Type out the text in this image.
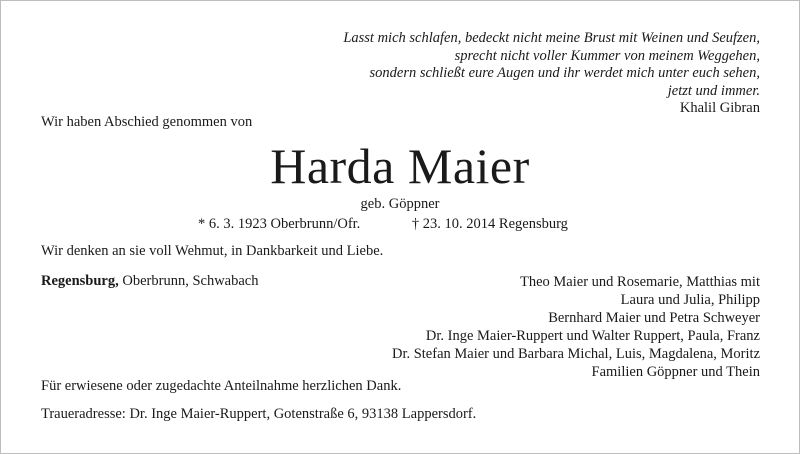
Lasst mich schlafen, bedeckt nicht meine Brust mit Weinen und Seufzen,
sprecht nicht voller Kummer von meinem Weggehen,
sondern schließt eure Augen und ihr werdet mich unter euch sehen,
jetzt und immer.
Khalil Gibran
Wir haben Abschied genommen von
Harda Maier
geb. Göppner
* 6. 3. 1923 Oberbrunn/Ofr.	† 23. 10. 2014 Regensburg
Wir denken an sie voll Wehmut, in Dankbarkeit und Liebe.
Regensburg, Oberbrunn, Schwabach	Theo Maier und Rosemarie, Matthias mit
Laura und Julia, Philipp
Bernhard Maier und Petra Schweyer
Dr. Inge Maier-Ruppert und Walter Ruppert, Paula, Franz
Dr. Stefan Maier und Barbara Michal, Luis, Magdalena, Moritz
Familien Göppner und Thein
Für erwiesene oder zugedachte Anteilnahme herzlichen Dank.
Traueradresse: Dr. Inge Maier-Ruppert, Gotenstraße 6, 93138 Lappersdorf.
